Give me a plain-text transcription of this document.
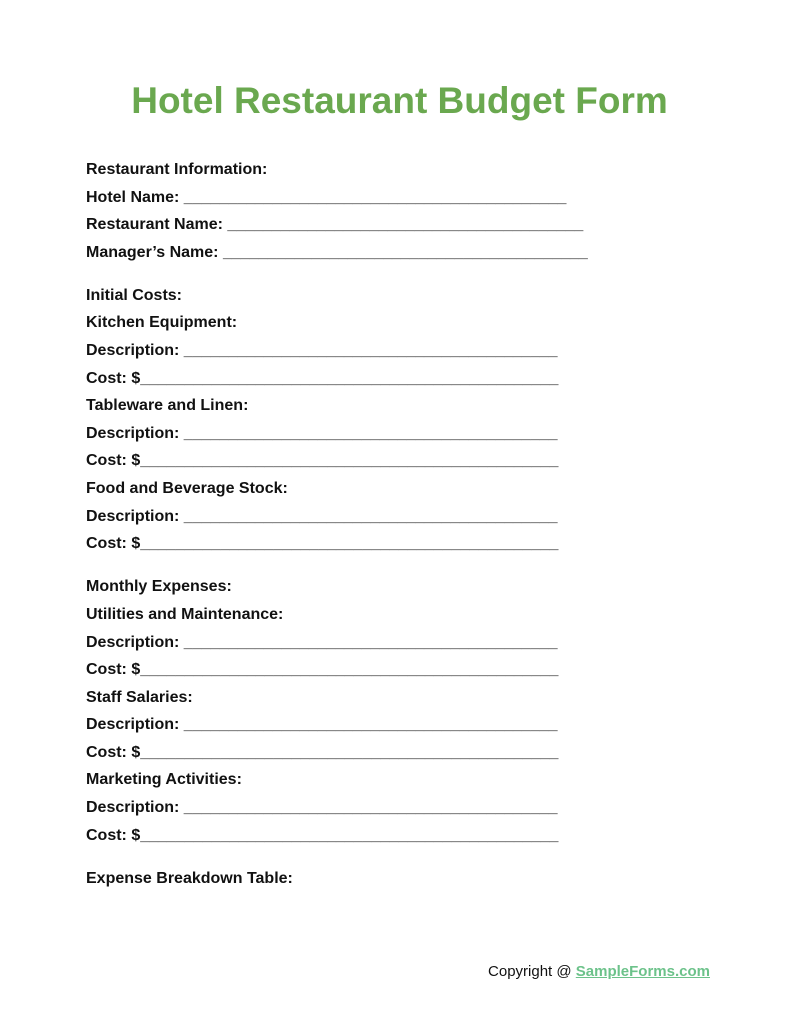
Hotel Restaurant Budget Form
Restaurant Information:
Hotel Name: ___________________________________________
Restaurant Name: ________________________________________
Manager’s Name: _________________________________________
Initial Costs:
Kitchen Equipment:
Description: __________________________________________
Cost: $_______________________________________________
Tableware and Linen:
Description: __________________________________________
Cost: $_______________________________________________
Food and Beverage Stock:
Description: __________________________________________
Cost: $_______________________________________________
Monthly Expenses:
Utilities and Maintenance:
Description: __________________________________________
Cost: $_______________________________________________
Staff Salaries:
Description: __________________________________________
Cost: $_______________________________________________
Marketing Activities:
Description: __________________________________________
Cost: $_______________________________________________
Expense Breakdown Table:
Copyright @ SampleForms.com
